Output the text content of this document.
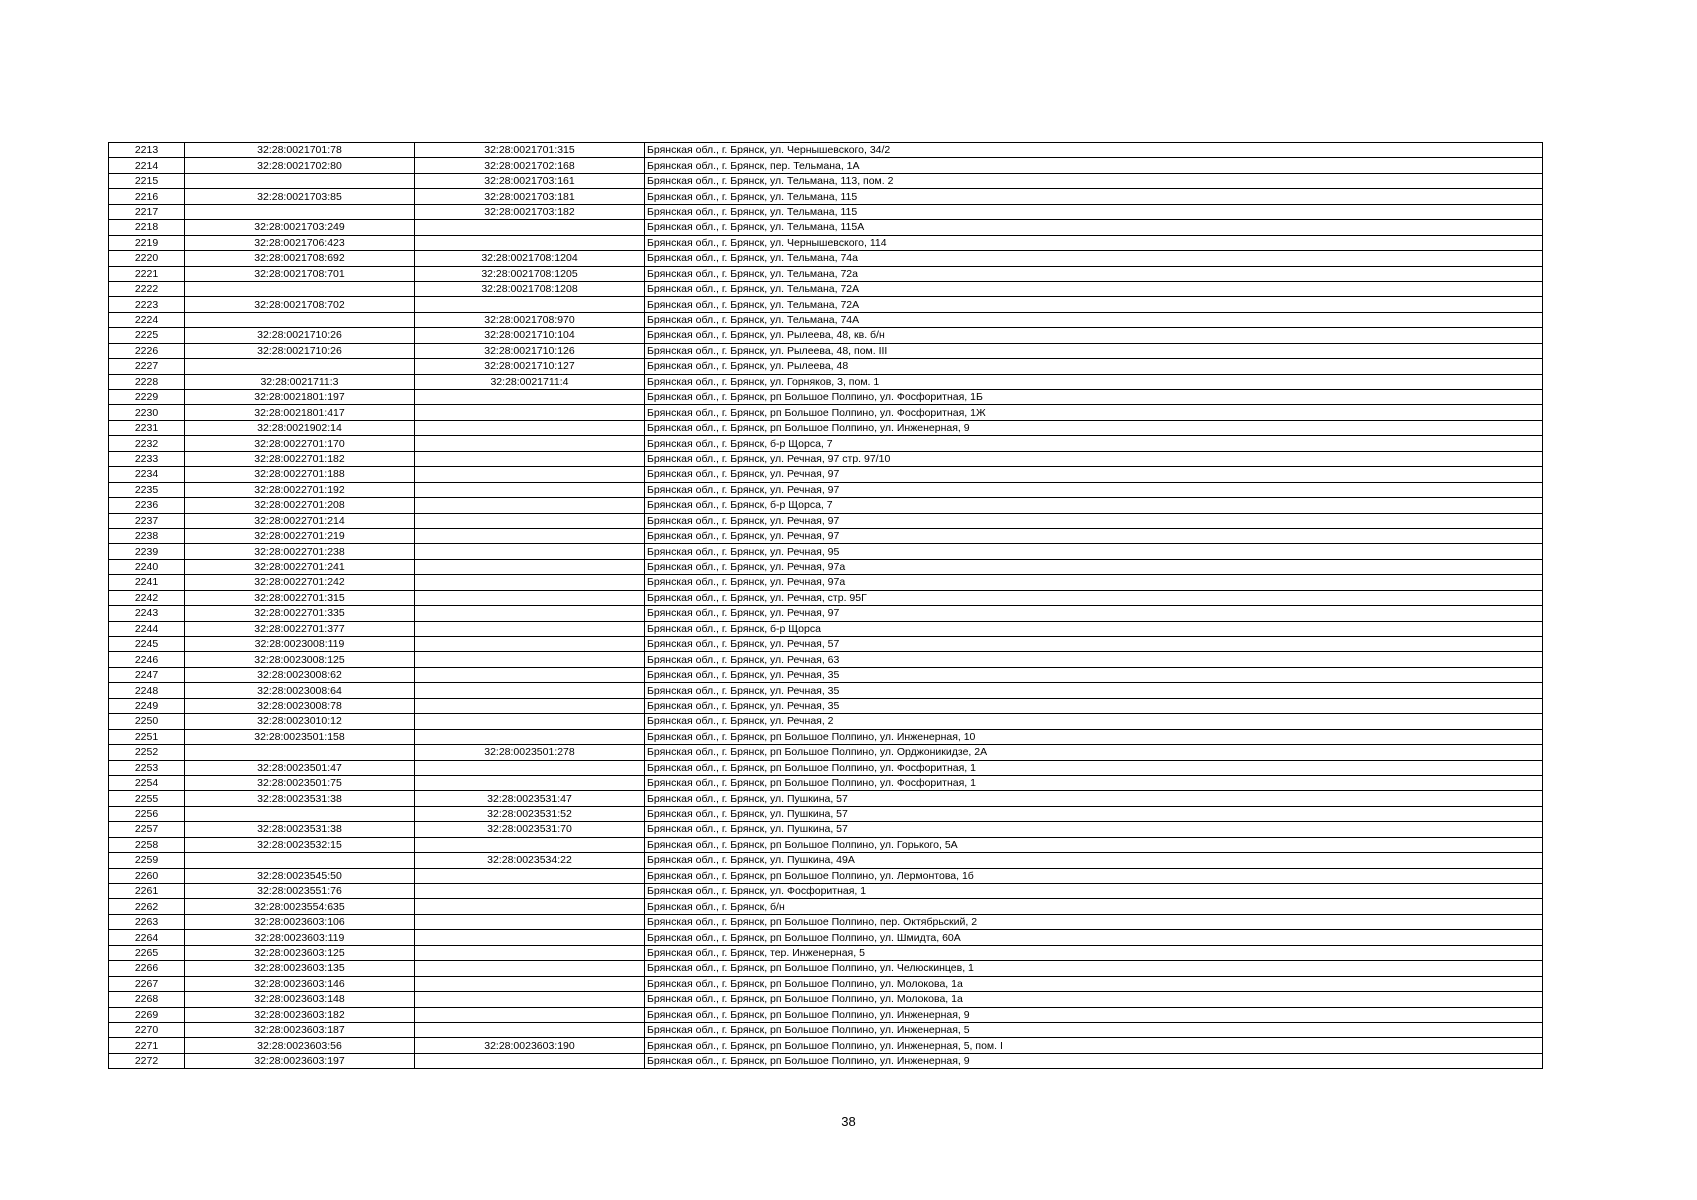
2213	32:28:0021701:78	32:28:0021701:315	Брянская обл., г. Брянск, ул. Чернышевского, 34/2
2214	32:28:0021702:80	32:28:0021702:168	Брянская обл., г. Брянск, пер. Тельмана, 1А
2215		32:28:0021703:161	Брянская обл., г. Брянск, ул. Тельмана, 113, пом. 2
2216	32:28:0021703:85	32:28:0021703:181	Брянская обл., г. Брянск, ул. Тельмана, 115
2217		32:28:0021703:182	Брянская обл., г. Брянск, ул. Тельмана, 115
2218	32:28:0021703:249		Брянская обл., г. Брянск, ул. Тельмана, 115А
2219	32:28:0021706:423		Брянская обл., г. Брянск, ул. Чернышевского, 114
2220	32:28:0021708:692	32:28:0021708:1204	Брянская обл., г. Брянск, ул. Тельмана, 74а
2221	32:28:0021708:701	32:28:0021708:1205	Брянская обл., г. Брянск, ул. Тельмана, 72а
2222		32:28:0021708:1208	Брянская обл., г. Брянск, ул. Тельмана, 72А
2223	32:28:0021708:702		Брянская обл., г. Брянск, ул. Тельмана, 72А
2224		32:28:0021708:970	Брянская обл., г. Брянск, ул. Тельмана, 74А
2225	32:28:0021710:26	32:28:0021710:104	Брянская обл., г. Брянск, ул. Рылеева, 48, кв. б/н
2226	32:28:0021710:26	32:28:0021710:126	Брянская обл., г. Брянск, ул. Рылеева, 48, пом. III
2227		32:28:0021710:127	Брянская обл., г. Брянск, ул. Рылеева, 48
2228	32:28:0021711:3	32:28:0021711:4	Брянская обл., г. Брянск, ул. Горняков, 3, пом. 1
2229	32:28:0021801:197		Брянская обл., г. Брянск, рп Большое Полпино, ул. Фосфоритная, 1Б
2230	32:28:0021801:417		Брянская обл., г. Брянск, рп Большое Полпино, ул. Фосфоритная, 1Ж
2231	32:28:0021902:14		Брянская обл., г. Брянск, рп Большое Полпино, ул. Инженерная, 9
2232	32:28:0022701:170		Брянская обл., г. Брянск, б-р Щорса, 7
2233	32:28:0022701:182		Брянская обл., г. Брянск, ул. Речная, 97 стр. 97/10
2234	32:28:0022701:188		Брянская обл., г. Брянск, ул. Речная, 97
2235	32:28:0022701:192		Брянская обл., г. Брянск, ул. Речная, 97
2236	32:28:0022701:208		Брянская обл., г. Брянск, б-р Щорса, 7
2237	32:28:0022701:214		Брянская обл., г. Брянск, ул. Речная, 97
2238	32:28:0022701:219		Брянская обл., г. Брянск, ул. Речная, 97
2239	32:28:0022701:238		Брянская обл., г. Брянск, ул. Речная, 95
2240	32:28:0022701:241		Брянская обл., г. Брянск, ул. Речная, 97а
2241	32:28:0022701:242		Брянская обл., г. Брянск, ул. Речная, 97а
2242	32:28:0022701:315		Брянская обл., г. Брянск, ул. Речная, стр. 95Г
2243	32:28:0022701:335		Брянская обл., г. Брянск, ул. Речная, 97
2244	32:28:0022701:377		Брянская обл., г. Брянск, б-р Щорса
2245	32:28:0023008:119		Брянская обл., г. Брянск, ул. Речная, 57
2246	32:28:0023008:125		Брянская обл., г. Брянск, ул. Речная, 63
2247	32:28:0023008:62		Брянская обл., г. Брянск, ул. Речная, 35
2248	32:28:0023008:64		Брянская обл., г. Брянск, ул. Речная, 35
2249	32:28:0023008:78		Брянская обл., г. Брянск, ул. Речная, 35
2250	32:28:0023010:12		Брянская обл., г. Брянск, ул. Речная, 2
2251	32:28:0023501:158		Брянская обл., г. Брянск, рп Большое Полпино, ул. Инженерная, 10
2252		32:28:0023501:278	Брянская обл., г. Брянск, рп Большое Полпино, ул. Орджоникидзе, 2А
2253	32:28:0023501:47		Брянская обл., г. Брянск, рп Большое Полпино, ул. Фосфоритная, 1
2254	32:28:0023501:75		Брянская обл., г. Брянск, рп Большое Полпино, ул. Фосфоритная, 1
2255	32:28:0023531:38	32:28:0023531:47	Брянская обл., г. Брянск, ул. Пушкина, 57
2256		32:28:0023531:52	Брянская обл., г. Брянск, ул. Пушкина, 57
2257	32:28:0023531:38	32:28:0023531:70	Брянская обл., г. Брянск, ул. Пушкина, 57
2258	32:28:0023532:15		Брянская обл., г. Брянск, рп Большое Полпино, ул. Горького, 5А
2259		32:28:0023534:22	Брянская обл., г. Брянск, ул. Пушкина, 49А
2260	32:28:0023545:50		Брянская обл., г. Брянск, рп Большое Полпино, ул. Лермонтова, 1б
2261	32:28:0023551:76		Брянская обл., г. Брянск, ул. Фосфоритная, 1
2262	32:28:0023554:635		Брянская обл., г. Брянск, б/н
2263	32:28:0023603:106		Брянская обл., г. Брянск, рп Большое Полпино, пер. Октябрьский, 2
2264	32:28:0023603:119		Брянская обл., г. Брянск, рп Большое Полпино, ул. Шмидта, 60А
2265	32:28:0023603:125		Брянская обл., г. Брянск, тер. Инженерная, 5
2266	32:28:0023603:135		Брянская обл., г. Брянск, рп Большое Полпино, ул. Челюскинцев, 1
2267	32:28:0023603:146		Брянская обл., г. Брянск, рп Большое Полпино, ул. Молокова, 1а
2268	32:28:0023603:148		Брянская обл., г. Брянск, рп Большое Полпино, ул. Молокова, 1а
2269	32:28:0023603:182		Брянская обл., г. Брянск, рп Большое Полпино, ул. Инженерная, 9
2270	32:28:0023603:187		Брянская обл., г. Брянск, рп Большое Полпино, ул. Инженерная, 5
2271	32:28:0023603:56	32:28:0023603:190	Брянская обл., г. Брянск, рп Большое Полпино, ул. Инженерная, 5, пом. I
2272	32:28:0023603:197		Брянская обл., г. Брянск, рп Большое Полпино, ул. Инженерная, 9
38
